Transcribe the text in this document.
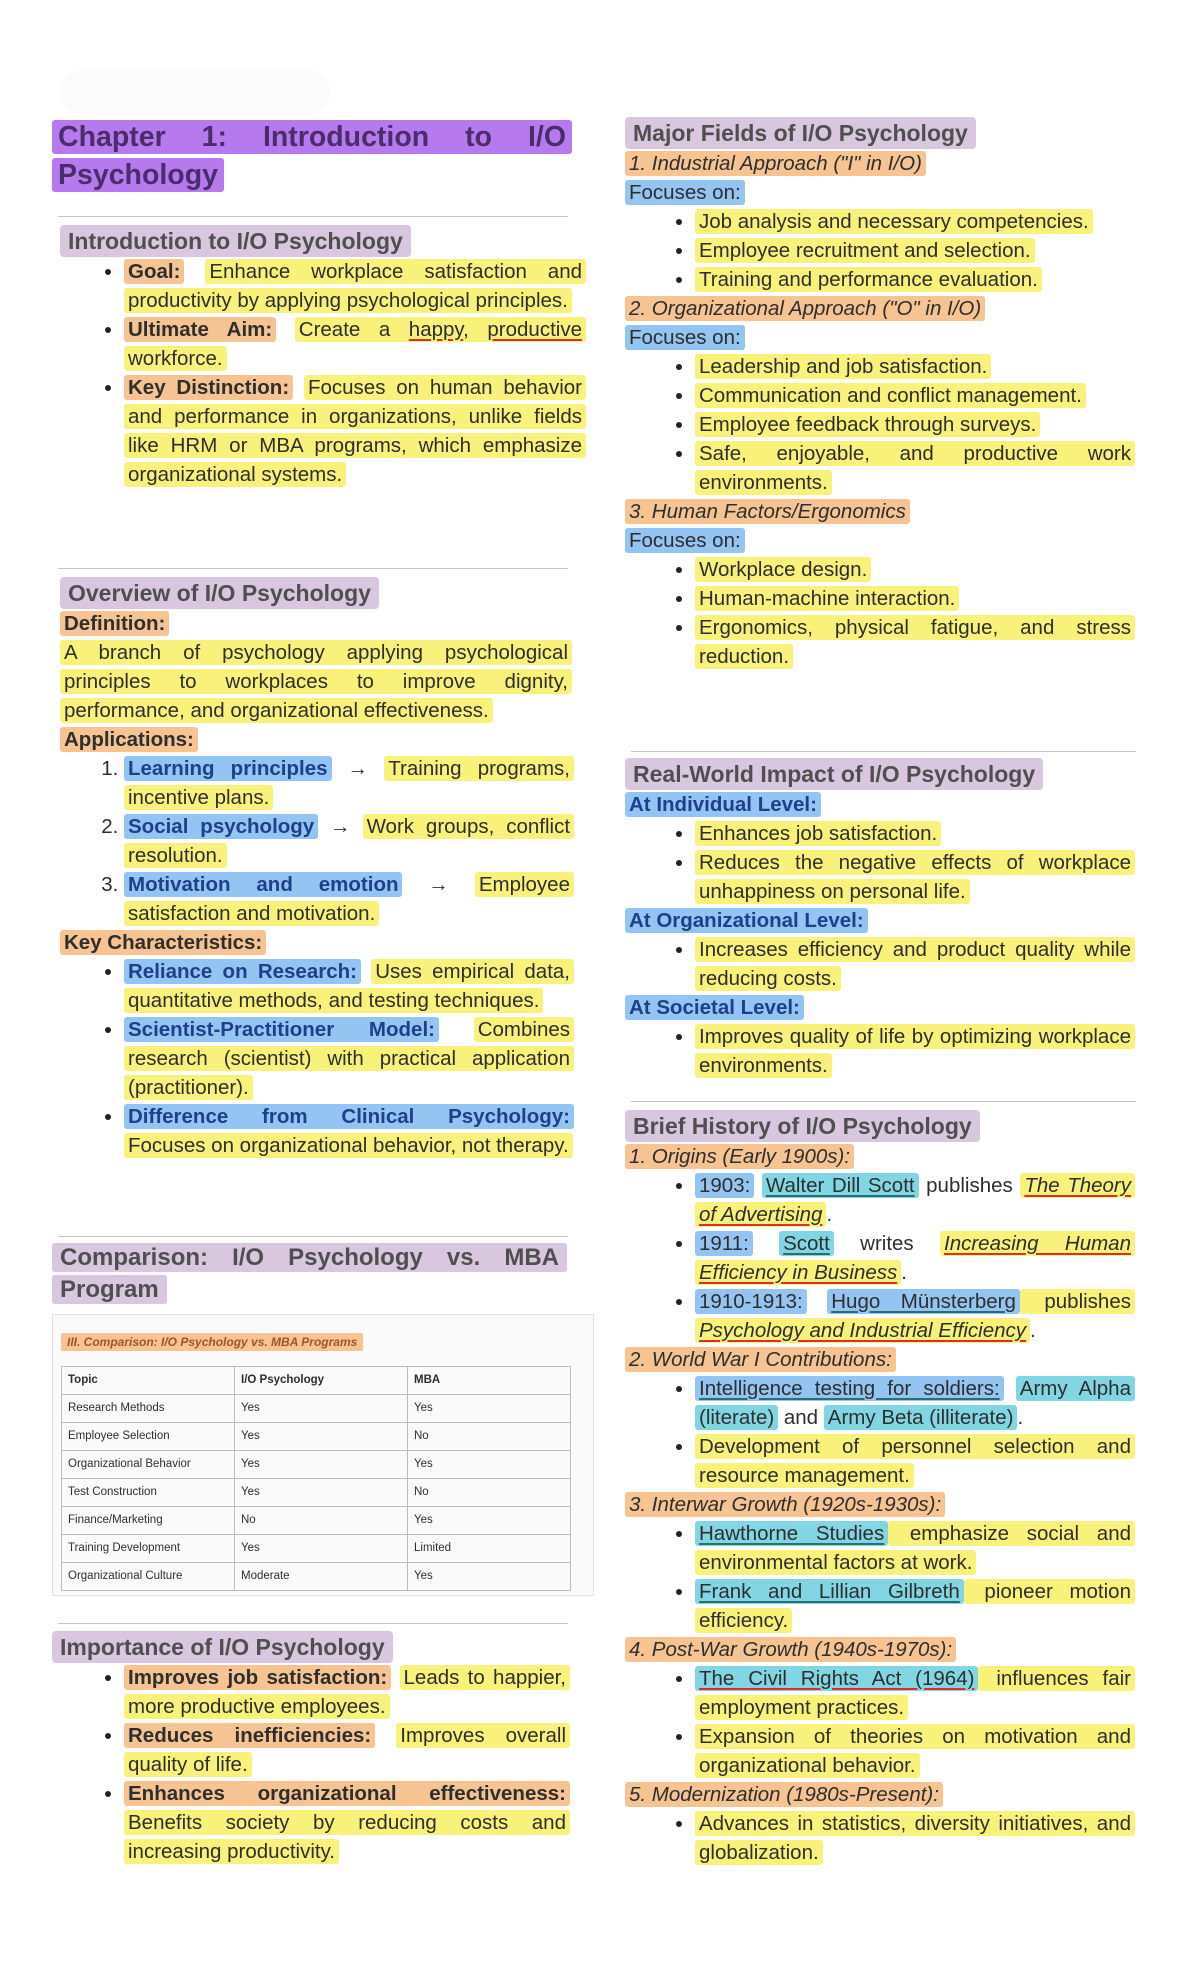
Chapter 1: Introduction to I/O Psychology
Introduction to I/O Psychology
• Goal: Enhance workplace satisfaction and productivity by applying psychological principles.
• Ultimate Aim: Create a happy, productive workforce.
• Key Distinction: Focuses on human behavior and performance in organizations, unlike fields like HRM or MBA programs, which emphasize organizational systems.
Overview of I/O Psychology
Definition:
A branch of psychology applying psychological principles to workplaces to improve dignity, performance, and organizational effectiveness.
Applications:
1. Learning principles → Training programs, incentive plans.
2. Social psychology → Work groups, conflict resolution.
3. Motivation and emotion → Employee satisfaction and motivation.
Key Characteristics:
• Reliance on Research: Uses empirical data, quantitative methods, and testing techniques.
• Scientist-Practitioner Model: Combines research (scientist) with practical application (practitioner).
• Difference from Clinical Psychology: Focuses on organizational behavior, not therapy.
Comparison: I/O Psychology vs. MBA Program
III. Comparison: I/O Psychology vs. MBA Programs
Topic	I/O Psychology	MBA
Research Methods	Yes	Yes
Employee Selection	Yes	No
Organizational Behavior	Yes	Yes
Test Construction	Yes	No
Finance/Marketing	No	Yes
Training Development	Yes	Limited
Organizational Culture	Moderate	Yes
Importance of I/O Psychology
• Improves job satisfaction: Leads to happier, more productive employees.
• Reduces inefficiencies: Improves overall quality of life.
• Enhances organizational effectiveness: Benefits society by reducing costs and increasing productivity.
Major Fields of I/O Psychology
1. Industrial Approach ("I" in I/O)
Focuses on:
• Job analysis and necessary competencies.
• Employee recruitment and selection.
• Training and performance evaluation.
2. Organizational Approach ("O" in I/O)
Focuses on:
• Leadership and job satisfaction.
• Communication and conflict management.
• Employee feedback through surveys.
• Safe, enjoyable, and productive work environments.
3. Human Factors/Ergonomics
Focuses on:
• Workplace design.
• Human-machine interaction.
• Ergonomics, physical fatigue, and stress reduction.
Real-World Impact of I/O Psychology
At Individual Level:
• Enhances job satisfaction.
• Reduces the negative effects of workplace unhappiness on personal life.
At Organizational Level:
• Increases efficiency and product quality while reducing costs.
At Societal Level:
• Improves quality of life by optimizing workplace environments.
Brief History of I/O Psychology
1. Origins (Early 1900s):
• 1903: Walter Dill Scott publishes The Theory of Advertising .
• 1911: Scott writes Increasing Human Efficiency in Business .
• 1910-1913: Hugo Münsterberg publishes Psychology and Industrial Efficiency .
2. World War I Contributions:
• Intelligence testing for soldiers: Army Alpha (literate) and Army Beta (illiterate) .
• Development of personnel selection and resource management.
3. Interwar Growth (1920s-1930s):
• Hawthorne Studies emphasize social and environmental factors at work.
• Frank and Lillian Gilbreth pioneer motion efficiency.
4. Post-War Growth (1940s-1970s):
• The Civil Rights Act (1964) influences fair employment practices.
• Expansion of theories on motivation and organizational behavior.
5. Modernization (1980s-Present):
• Advances in statistics, diversity initiatives, and globalization.
